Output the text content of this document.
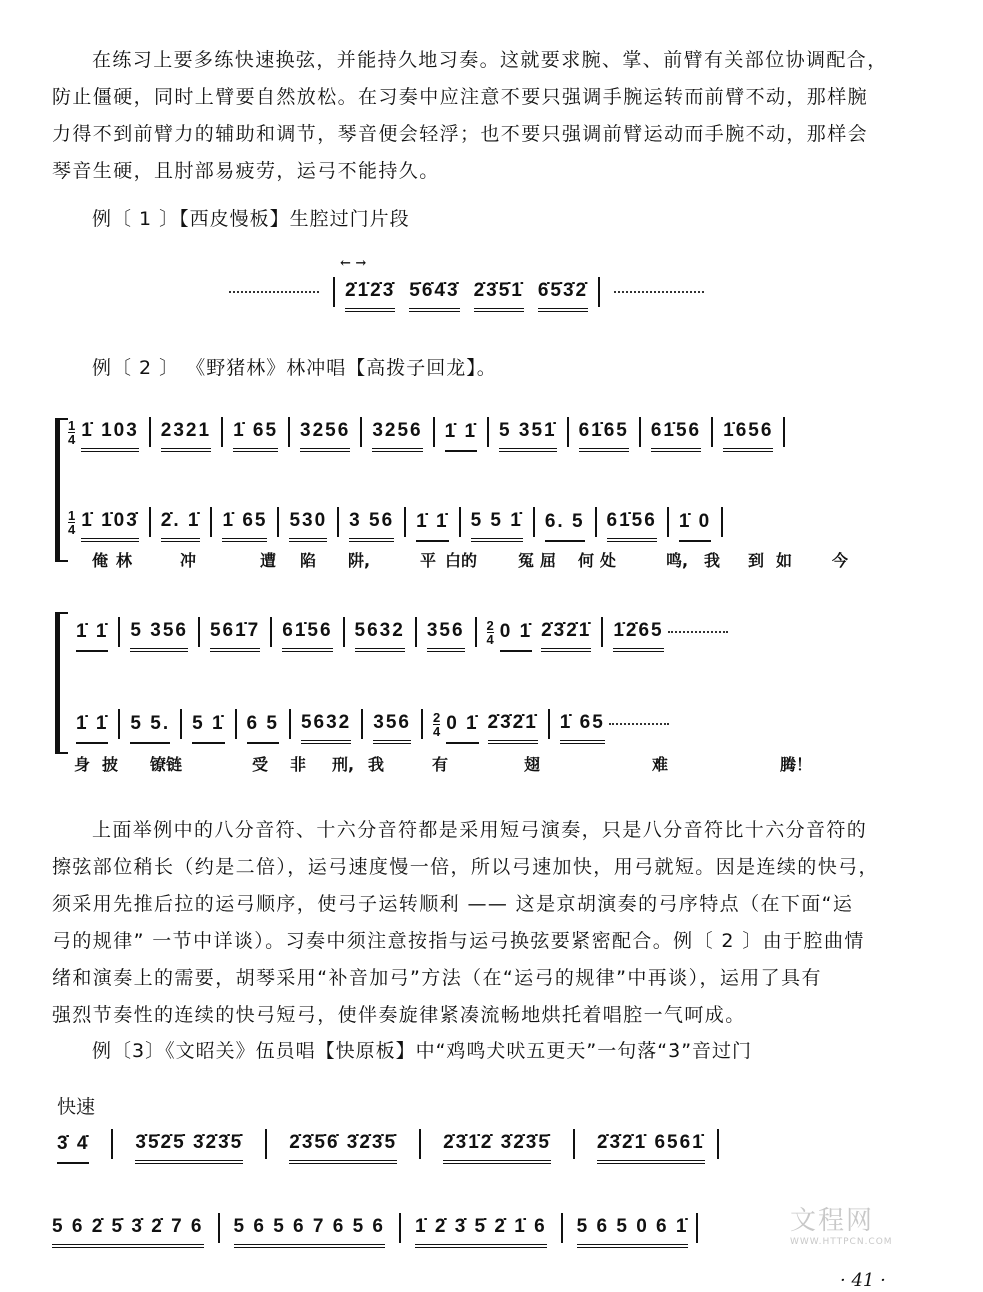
在练习上要多练快速换弦，并能持久地习奏。这就要求腕、掌、前臂有关部位协调配合，
防止僵硬，同时上臂要自然放松。在习奏中应注意不要只强调手腕运转而前臂不动，那样腕
力得不到前臂力的辅助和调节，琴音便会轻浮；也不要只强调前臂运动而手腕不动，那样会
琴音生硬，且肘部易疲劳，运弓不能持久。
例〔 1 〕【西皮慢板】生腔过门片段
2̇1̇2̇3̇ 5̇6̇4̇3̇ 2̇3̇5̇1̇ 6̇5̇3̇2̇
← →
例〔 2 〕 《野猪林》林冲唱【高拨子回龙】。
1
4 1̇ 103 2321 1̇ 65 3256 3256 1̇ 1̇ 5 351̇ 61̇65 61̇56 1̇656
1
4 1̇ 1̇03̇ 2̇. 1̇ 1̇ 65 530 3 56 1̇ 1̇ 5 5 1̇ 6. 5 61̇56 1̇ 0
俺 林	冲	遭 陷 阱,	平 白的	冤 屈 何 处	鸣, 我 到 如 今
1̇ 1̇ 5 356 561̇7 61̇56 5632 356 2
4 0 1̇
2̇3̇2̇1̇ 1̇2̇65
1̇ 1̇ 5 5. 5 1̇ 6 5 5632 356 2
4 0 1̇
2̇3̇2̇1̇ 1̇ 65
身 披 镣链	受 非 刑, 我	有	翅	难	腾！
上面举例中的八分音符、十六分音符都是采用短弓演奏，只是八分音符比十六分音符的
擦弦部位稍长（约是二倍），运弓速度慢一倍，所以弓速加快，用弓就短。因是连续的快弓，
须采用先推后拉的运弓顺序，使弓子运转顺利 —— 这是京胡演奏的弓序特点（在下面“运
弓的规律” 一节中详谈）。习奏中须注意按指与运弓换弦要紧密配合。例〔 2 〕由于腔曲情
绪和演奏上的需要，胡琴采用“补音加弓”方法（在“运弓的规律”中再谈），运用了具有
强烈节奏性的连续的快弓短弓，使伴奏旋律紧凑流畅地烘托着唱腔一气呵成。
例〔3〕《文昭关》伍员唱【快原板】中“鸡鸣犬吠五更天”一句落“3̇”音过门
快速
3̇ 4̇ 3̇5̇2̇5̇ 3̇2̇3̇5̇ 2̇3̇5̇6̇ 3̇2̇3̇5̇ 2̇3̇1̇2̇ 3̇2̇3̇5̇ 2̇3̇2̇1̇ 6561̇
5 6 2̇ 5̇ 3̇ 2̇ 7 6 5 6 5 6 7 6 5 6 1̇ 2̇ 3̇ 5̇ 2̇ 1̇ 6 5 6 5 0 6 1̇	文程网
WWW.HTTPCN.COM
· 41 ·
